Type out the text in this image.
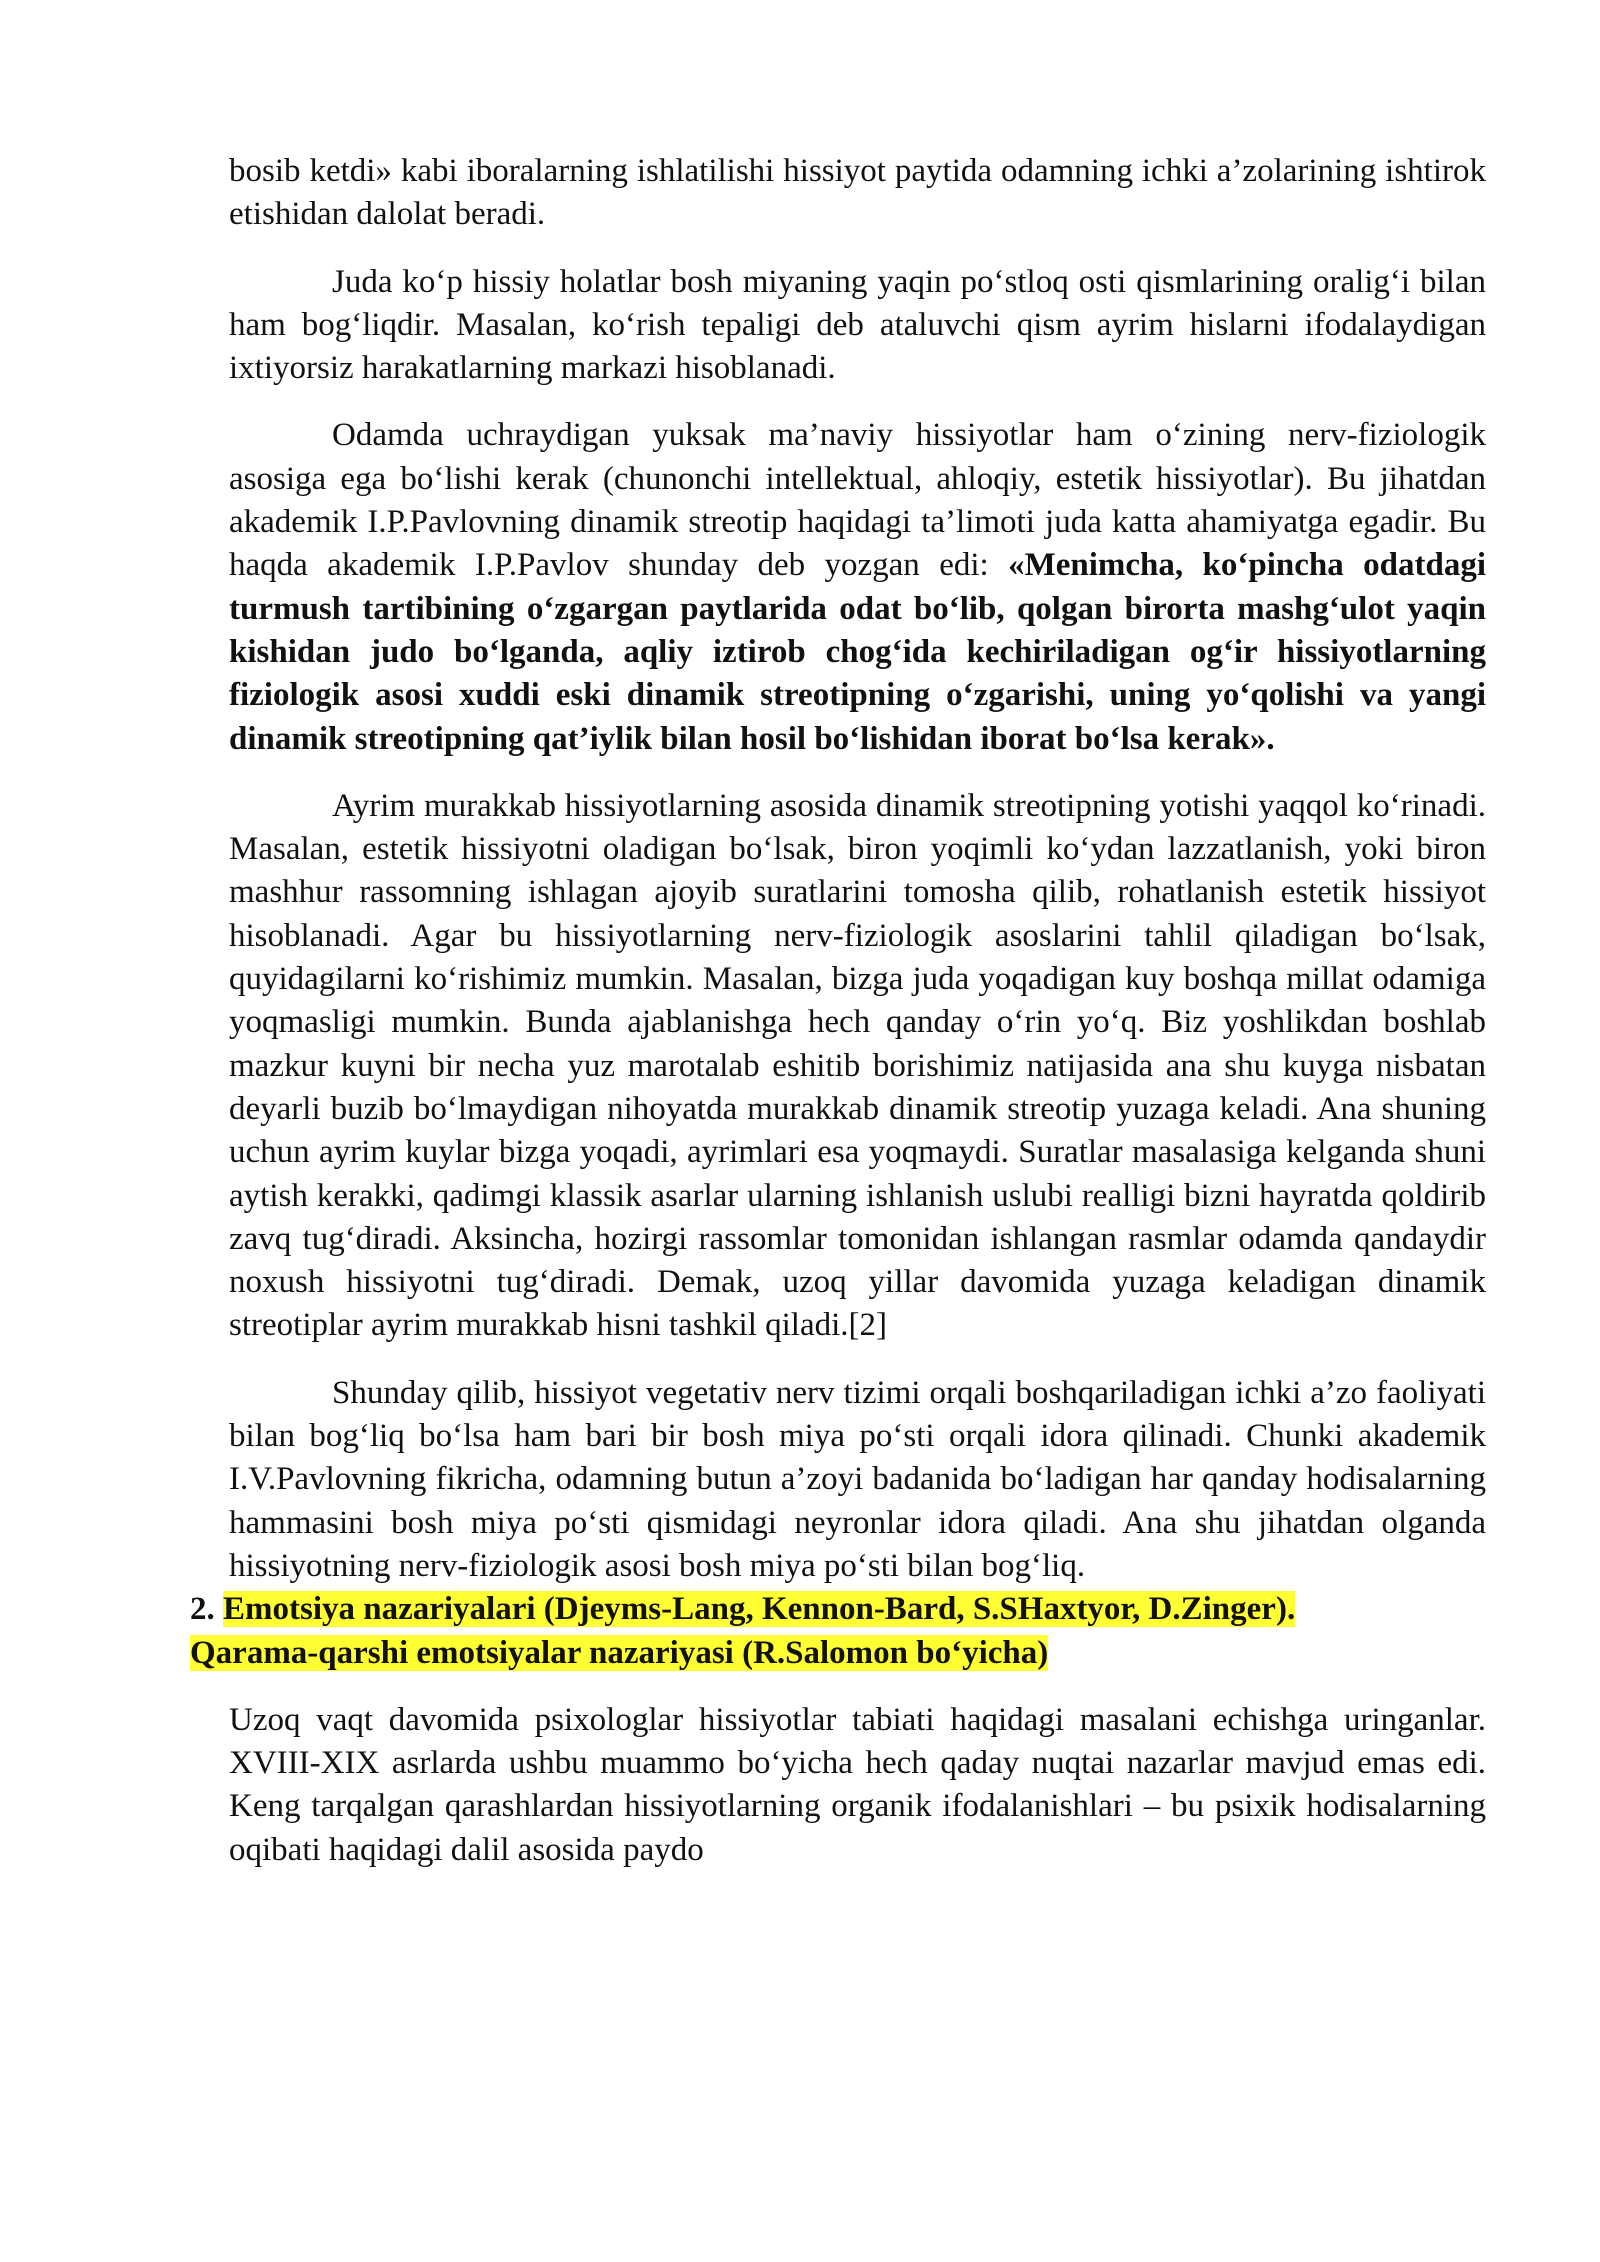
bosib ketdi» kabi iboralarning ishlatilishi hissiyot paytida odamning ichki a’zolarining ishtirok etishidan dalolat beradi.

Juda koʻp hissiy holatlar bosh miyaning yaqin poʻstloq osti qismlarining oraligʻi bilan ham bogʻliqdir. Masalan, koʻrish tepaligi deb ataluvchi qism ayrim hislarni ifodalaydigan ixtiyorsiz harakatlarning markazi hisoblanadi.

Odamda uchraydigan yuksak ma’naviy hissiyotlar ham oʻzining nerv-fiziologik asosiga ega boʻlishi kerak (chunonchi intellektual, ahloqiy, estetik hissiyotlar). Bu jihatdan akademik I.P.Pavlovning dinamik streotip haqidagi ta’limoti juda katta ahamiyatga egadir. Bu haqda akademik I.P.Pavlov shunday deb yozgan edi: «Menimcha, koʻpincha odatdagi turmush tartibining oʻzgargan paytlarida odat boʻlib, qolgan birorta mashgʻulot yaqin kishidan judo boʻlganda, aqliy iztirob chogʻida kechiriladigan ogʻir hissiyotlarning fiziologik asosi xuddi eski dinamik streotipning oʻzgarishi, uning yoʻqolishi va yangi dinamik streotipning qat’iylik bilan hosil boʻlishidan iborat boʻlsa kerak».

Ayrim murakkab hissiyotlarning asosida dinamik streotipning yotishi yaqqol koʻrinadi. Masalan, estetik hissiyotni oladigan boʻlsak, biron yoqimli koʻydan lazzatlanish, yoki biron mashhur rassomning ishlagan ajoyib suratlarini tomosha qilib, rohatlanish estetik hissiyot hisoblanadi. Agar bu hissiyotlarning nerv-fiziologik asoslarini tahlil qiladigan boʻlsak, quyidagilarni koʻrishimiz mumkin. Masalan, bizga juda yoqadigan kuy boshqa millat odamiga yoqmasligi mumkin. Bunda ajablanishga hech qanday oʻrin yoʻq. Biz yoshlikdan boshlab mazkur kuyni bir necha yuz marotalab eshitib borishimiz natijasida ana shu kuyga nisbatan deyarli buzib boʻlmaydigan nihoyatda murakkab dinamik streotip yuzaga keladi. Ana shuning uchun ayrim kuylar bizga yoqadi, ayrimlari esa yoqmaydi. Suratlar masalasiga kelganda shuni aytish kerakki, qadimgi klassik asarlar ularning ishlanish uslubi realligi bizni hayratda qoldirib zavq tugʻdiradi. Aksincha, hozirgi rassomlar tomonidan ishlangan rasmlar odamda qandaydir noxush hissiyotni tugʻdiradi. Demak, uzoq yillar davomida yuzaga keladigan dinamik streotiplar ayrim murakkab hisni tashkil qiladi.[2]

Shunday qilib, hissiyot vegetativ nerv tizimi orqali boshqariladigan ichki a’zo faoliyati bilan bogʻliq boʻlsa ham bari bir bosh miya poʻsti orqali idora qilinadi. Chunki akademik I.V.Pavlovning fikricha, odamning butun a’zoyi badanida boʻladigan har qanday hodisalarning hammasini bosh miya poʻsti qismidagi neyronlar idora qiladi. Ana shu jihatdan olganda hissiyotning nerv-fiziologik asosi bosh miya poʻsti bilan bogʻliq.

2. Emotsiya nazariyalari (Djeyms-Lang, Kennon-Bard, S.SHaxtyor, D.Zinger).
Qarama-qarshi emotsiyalar nazariyasi (R.Salomon boʻyicha)

Uzoq vaqt davomida psixologlar hissiyotlar tabiati haqidagi masalani echishga uringanlar. XVIII-XIX asrlarda ushbu muammo boʻyicha hech qaday nuqtai nazarlar mavjud emas edi. Keng tarqalgan qarashlardan hissiyotlarning organik ifodalanishlari – bu psixik hodisalarning oqibati haqidagi dalil asosida paydo
